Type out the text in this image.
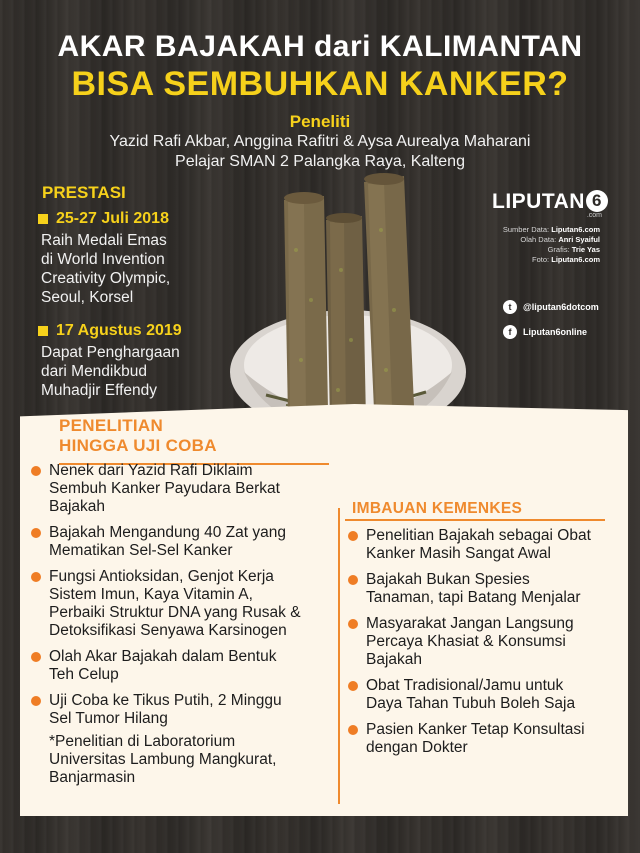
AKAR BAJAKAH dari KALIMANTAN
BISA SEMBUHKAN KANKER?
Peneliti
Yazid Rafi Akbar, Anggina Rafitri & Aysa Aurealya Maharani
Pelajar SMAN 2 Palangka Raya, Kalteng
PRESTASI
25-27 Juli 2018
Raih Medali Emas
di World Invention
Creativity Olympic,
Seoul, Korsel
17 Agustus 2019
Dapat Penghargaan
dari Mendikbud
Muhadjir Effendy
LIPUTAN 6
.com
Sumber Data: Liputan6.com
Olah Data: Anri Syaiful
Grafis: Trie Yas
Foto: Liputan6.com
t	@liputan6dotcom
f	Liputan6online
PENELITIAN
HINGGA UJI COBA
Nenek dari Yazid Rafi Diklaim
Sembuh Kanker Payudara Berkat
Bajakah
Bajakah Mengandung 40 Zat yang
Mematikan Sel-Sel Kanker
Fungsi Antioksidan, Genjot Kerja
Sistem Imun, Kaya Vitamin A,
Perbaiki Struktur DNA yang Rusak &
Detoksifikasi Senyawa Karsinogen
Olah Akar Bajakah dalam Bentuk
Teh Celup
Uji Coba ke Tikus Putih, 2 Minggu
Sel Tumor Hilang
*Penelitian di Laboratorium
Universitas Lambung Mangkurat,
Banjarmasin
IMBAUAN KEMENKES
Penelitian Bajakah sebagai Obat
Kanker Masih Sangat Awal
Bajakah Bukan Spesies
Tanaman, tapi Batang Menjalar
Masyarakat Jangan Langsung
Percaya Khasiat & Konsumsi
Bajakah
Obat Tradisional/Jamu untuk
Daya Tahan Tubuh Boleh Saja
Pasien Kanker Tetap Konsultasi
dengan Dokter
